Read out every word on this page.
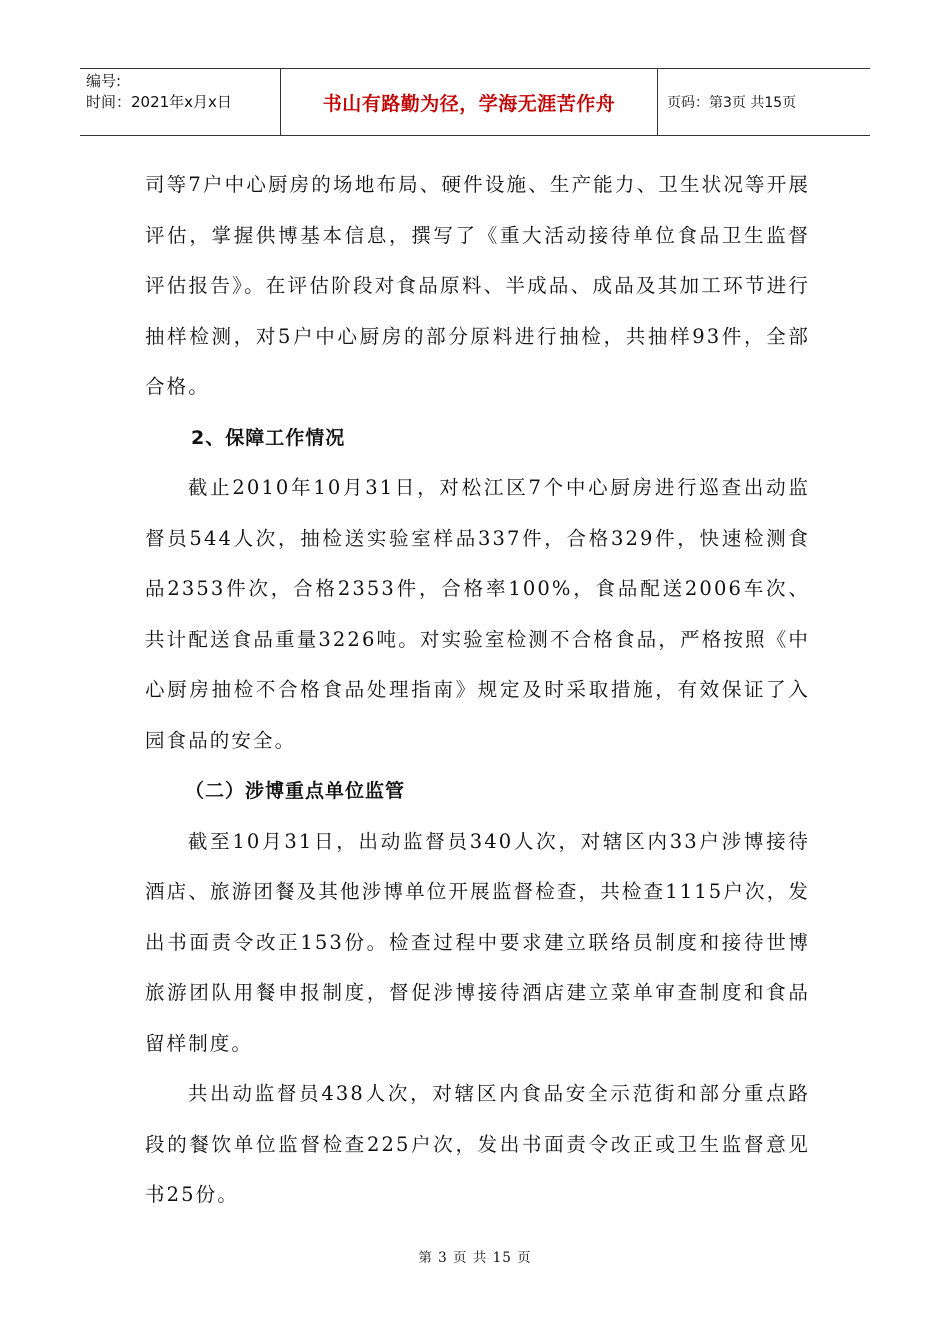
编号:
时间：2021年x月x日	书山有路勤为径，学海无涯苦作舟	页码：第3页 共15页

司等7户中心厨房的场地布局、硬件设施、生产能力、卫生状况等开展评估，掌握供博基本信息，撰写了《重大活动接待单位食品卫生监督评估报告》。在评估阶段对食品原料、半成品、成品及其加工环节进行抽样检测，对5户中心厨房的部分原料进行抽检，共抽样93件，全部合格。

2、保障工作情况

截止2010年10月31日，对松江区7个中心厨房进行巡查出动监督员544人次，抽检送实验室样品337件，合格329件，快速检测食品2353件次，合格2353件，合格率100%，食品配送2006车次、共计配送食品重量3226吨。对实验室检测不合格食品，严格按照《中心厨房抽检不合格食品处理指南》规定及时采取措施，有效保证了入园食品的安全。

（二）涉博重点单位监管

截至10月31日，出动监督员340人次，对辖区内33户涉博接待酒店、旅游团餐及其他涉博单位开展监督检查，共检查1115户次，发出书面责令改正153份。检查过程中要求建立联络员制度和接待世博旅游团队用餐申报制度，督促涉博接待酒店建立菜单审查制度和食品留样制度。

共出动监督员438人次，对辖区内食品安全示范街和部分重点路段的餐饮单位监督检查225户次，发出书面责令改正或卫生监督意见书25份。

第 3 页 共 15 页
